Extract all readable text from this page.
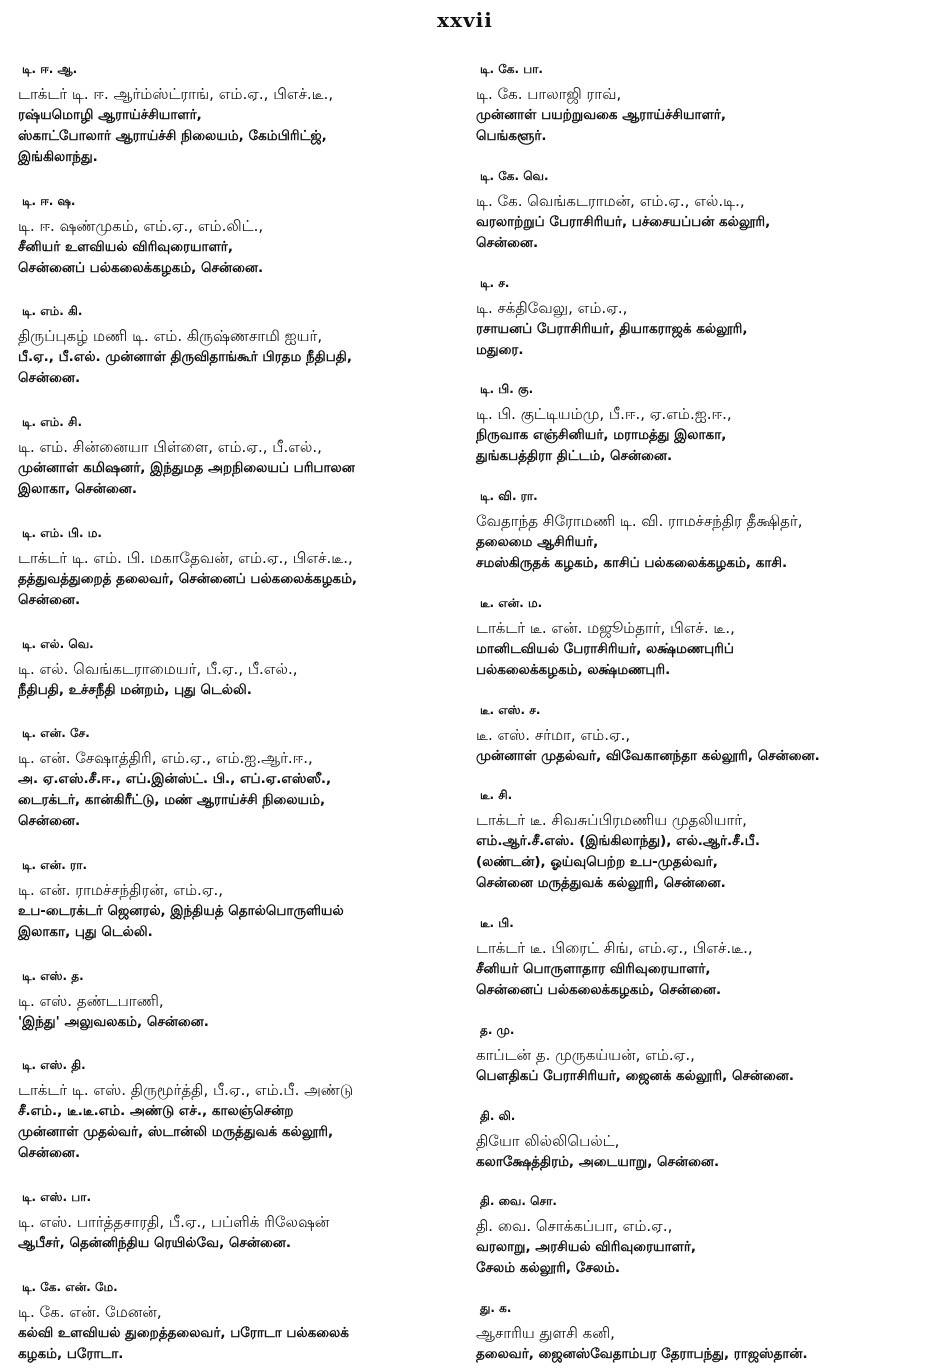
xxvii
டி. ஈ. ஆ.
டாக்டர் டி. ஈ. ஆர்ம்ஸ்ட்ராங், எம்.ஏ., பிஎச்.டீ.,
ரஷ்யமொழி ஆராய்ச்சியாளர்,
ஸ்காட்போலார் ஆராய்ச்சி நிலையம், கேம்பிரிட்ஜ்,
இங்கிலாந்து.
டி. ஈ. ஷ.
டி. ஈ. ஷண்முகம், எம்.ஏ., எம்.லிட்.,
சீனியர் உளவியல் விரிவுரையாளர்,
சென்னைப் பல்கலைக்கழகம், சென்னை.
டி. எம். கி.
திருப்புகழ் மணி டி. எம். கிருஷ்ணசாமி ஐயர்,
பீ.ஏ., பீ.எல். முன்னாள் திருவிதாங்கூர் பிரதம நீதிபதி,
சென்னை.
டி. எம். சி.
டி. எம். சின்னையா பிள்ளை, எம்.ஏ., பீ.எல்.,
முன்னாள் கமிஷனர், இந்துமத அறநிலையப் பரிபாலன
இலாகா, சென்னை.
டி. எம். பி. ம.
டாக்டர் டி. எம். பி. மகாதேவன், எம்.ஏ., பிஎச்.டீ.,
தத்துவத்துறைத் தலைவர், சென்னைப் பல்கலைக்கழகம்,
சென்னை.
டி. எல். வெ.
டி. எல். வெங்கடராமையர், பீ.ஏ., பீ.எல்.,
நீதிபதி, உச்சநீதி மன்றம், புது டெல்லி.
டி. என். சே.
டி. என். சேஷாத்திரி, எம்.ஏ., எம்.ஐ.ஆர்.ஈ.,
அ. ஏ.எஸ்.சீ.ஈ., எப்.இன்ஸ்ட். பி., எப்.ஏ.எஸ்ஸீ.,
டைரக்டர், கான்கிரீட்டு, மண் ஆராய்ச்சி நிலையம்,
சென்னை.
டி. என். ரா.
டி. என். ராமச்சந்திரன், எம்.ஏ.,
உப-டைரக்டர் ஜெனரல், இந்தியத் தொல்பொருளியல்
இலாகா, புது டெல்லி.
டி. எஸ். த.
டி. எஸ். தண்டபாணி,
'இந்து' அலுவலகம், சென்னை.
டி. எஸ். தி.
டாக்டர் டி. எஸ். திருமூர்த்தி, பீ.ஏ., எம்.பீ. அண்டு
சீ.எம்., டீ.டீ.எம். அண்டு எச்., காலஞ்சென்ற
முன்னாள் முதல்வர், ஸ்டான்லி மருத்துவக் கல்லூரி,
சென்னை.
டி. எஸ். பா.
டி. எஸ். பார்த்தசாரதி, பீ.ஏ., பப்ளிக் ரிலேஷன்
ஆபீசர், தென்னிந்திய ரெயில்வே, சென்னை.
டி. கே. என். மே.
டி. கே. என். மேனன்,
கல்வி உளவியல் துறைத்தலைவர், பரோடா பல்கலைக்
கழகம், பரோடா.
டி. கே. பா.
டி. கே. பாலாஜி ராவ்,
முன்னாள் பயற்றுவகை ஆராய்ச்சியாளர்,
பெங்களூர்.
டி. கே. வெ.
டி. கே. வெங்கடராமன், எம்.ஏ., எல்.டி.,
வரலாற்றுப் பேராசிரியர், பச்சையப்பன் கல்லூரி,
சென்னை.
டி. ச.
டி. சக்திவேலு, எம்.ஏ.,
ரசாயனப் பேராசிரியர், தியாகராஜக் கல்லூரி,
மதுரை.
டி. பி. கு.
டி. பி. குட்டியம்மு, பீ.ஈ., ஏ.எம்.ஐ.ஈ.,
நிருவாக எஞ்சினியர், மராமத்து இலாகா,
துங்கபத்திரா திட்டம், சென்னை.
டி. வி. ரா.
வேதாந்த சிரோமணி டி. வி. ராமச்சந்திர தீக்ஷிதர்,
தலைமை ஆசிரியர்,
சமஸ்கிருதக் கழகம், காசிப் பல்கலைக்கழகம், காசி.
டீ. என். ம.
டாக்டர் டீ. என். மஜூம்தார், பிஎச். டீ.,
மானிடவியல் பேராசிரியர், லக்ஷ்மணபுரிப்
பல்கலைக்கழகம், லக்ஷ்மணபுரி.
டீ. எஸ். ச.
டீ. எஸ். சர்மா, எம்.ஏ.,
முன்னாள் முதல்வர், விவேகானந்தா கல்லூரி, சென்னை.
டீ. சி.
டாக்டர் டீ. சிவசுப்பிரமணிய முதலியார்,
எம்.ஆர்.சீ.எஸ். (இங்கிலாந்து), எல்.ஆர்.சீ.பீ.
(லண்டன்), ஓய்வுபெற்ற உப-முதல்வர்,
சென்னை மருத்துவக் கல்லூரி, சென்னை.
டீ. பி.
டாக்டர் டீ. பிரைட் சிங், எம்.ஏ., பிஎச்.டீ.,
சீனியர் பொருளாதார விரிவுரையாளர்,
சென்னைப் பல்கலைக்கழகம், சென்னை.
த. மு.
காப்டன் த. முருகய்யன், எம்.ஏ.,
பௌதிகப் பேராசிரியர், ஜைனக் கல்லூரி, சென்னை.
தி. லி.
தியோ லில்லிபெல்ட்,
கலாக்ஷேத்திரம், அடையாறு, சென்னை.
தி. வை. சொ.
தி. வை. சொக்கப்பா, எம்.ஏ.,
வரலாறு, அரசியல் விரிவுரையாளர்,
சேலம் கல்லூரி, சேலம்.
து. க.
ஆசாரிய துளசி கனி,
தலைவர், ஜைனஸ்வேதாம்பர தேராபந்து, ராஜஸ்தான்.
